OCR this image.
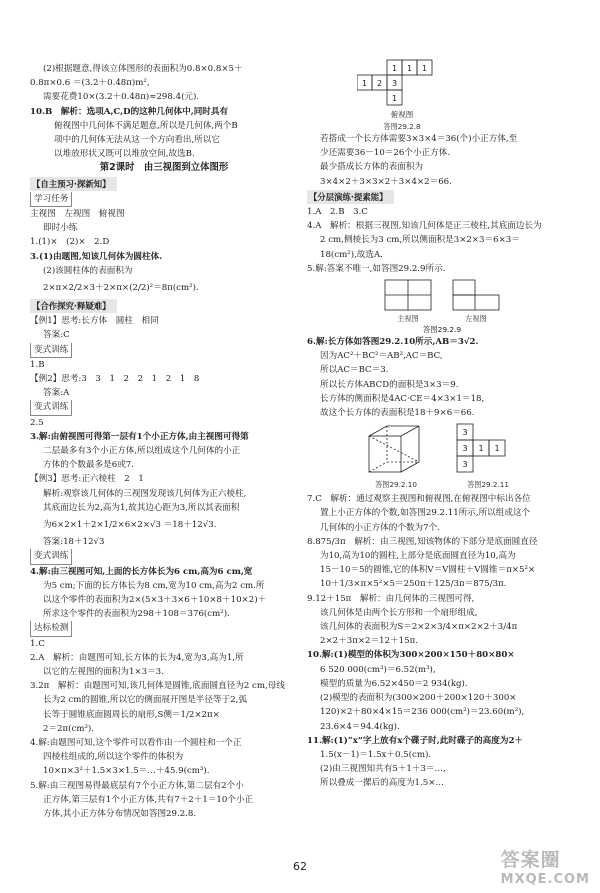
(2)根据题意,得该立体图形的表面积为0.8×0.8×5＋
0.8π×0.6 ＝(3.2＋0.48π)m²,
需要花费10×(3.2＋0.48π)≈298.4(元).
10.B　解析：选项A,C,D的这种几何体中,同时具有
俯视图中几何体不满足题意,所以是几何体,两个B
项中的几何体无法从这一个方向看出,所以它
以堆放形状又既可以堆放空间,故选B.
第2课时　由三视图到立体图形
【自主预习·探新知】
学习任务
主视图　左视图　俯视图
即时小练
1.(1)×　(2)×　2.D
3.(1)由题图,知该几何体为圆柱体.
(2)该圆柱体的表面积为
2×π×2/2×3＋2×π×(2/2)²＝8π(cm²).
【合作探究·释疑难】
【例1】思考:长方体　圆柱　相同
答案:C
变式训练
1.B
【例2】思考:3　3　1　2　2　1　2　1　8
答案:A
变式训练
2.5
3.解:由俯视图可得第一层有1个小正方体,由主视图可得第
二层最多有3个小正方体,所以组成这个几何体的小正
方体的个数最多是6或7.
【例3】思考:正六棱柱　2　1
解析:观察该几何体的三视图发现该几何体为正六棱柱,
其底面边长为2,高为1,故其边心距为3,所以其表面积
为6×2×1＋2×1/2×6×2×√3 ＝18＋12√3.
答案:18＋12√3
变式训练
4.解:由三视图可知,上面的长方体长为6 cm,高为6 cm,宽
为5 cm;下面的长方体长为8 cm,宽为10 cm,高为2 cm.所
以这个零件的表面积为2×(5×3＋3×6＋10×8＋10×2)＋
所求这个零件的表面积为298＋108＝376(cm²).
达标检测
1.C
2.A　解析：由题图可知,长方体的长为4,宽为3,高为1,所
以它的左视图的面积为1×3＝3.
3.2π　解析：由题图可知,该几何体是圆锥,底面圆直径为2 cm,母线
长为2 cm的圆锥,所以它的侧面展开图是半径等于2,弧
长等于圆锥底面圆周长的扇形,S侧＝1/2×2π×
2＝2π(cm²).
4.解:由题图可知,这个零件可以看作由一个圆柱和一个正
四棱柱组成的,所以这个零件的体积为
10×π×3²＋1.5×3×1.5＝…＋45.9(cm³).
5.解:由三视图易得最底层有7个小正方体,第二层有2个小
正方体,第三层有1个小正方体,共有7＋2＋1＝10个小正
方体,其小正方体分布情况如答图29.2.8.
1 1 1
1 2 3
1
俯视图
答图29.2.8
若搭成一个长方体需要3×3×4＝36(个)小正方体,至
少还需要36－10＝26个小正方体.
最少搭成长方体的表面积为
3×4×2＋3×3×2＋3×4×2＝66.
【分层演练·提素能】
1.A　2.B　3.C
4.A　解析：根据三视图,知该几何体是正三棱柱,其底面边长为
2 cm,侧棱长为3 cm,所以侧面积是3×2×3＝6×3＝
18(cm²),故选A.
5.解:答案不唯一,如答图29.2.9所示.
主视图	左视图
答图29.2.9
6.解:长方体如答图29.2.10所示,AB＝3√2.
因为AC²＋BC²＝AB²,AC＝BC,
所以AC＝BC＝3.
所以长方体ABCD的面积是3×3＝9.
长方体的侧面积是4AC·CE＝4×3×1＝18,
故这个长方体的表面积是18＋9×6＝66.
答图29.2.10
3
3 1 1
3
答图29.2.11
7.C　解析：通过观察主视图和俯视图,在俯视图中标出各位
置上小正方体的个数,如答图29.2.11所示,所以组成这个
几何体的小正方体的个数为7个.
8.875/3π　解析：由三视图,知该物体的下部分是底面圆直径
为10,高为10的圆柱,上部分是底面圆直径为10,高为
15－10＝5的圆锥,它的体积V＝V圆柱＋V圆锥＝π×5²×
10＋1/3×π×5²×5＝250π＋125/3π＝875/3π.
9.12＋15π　解析：由几何体的三视图可得,
该几何体是由两个长方形和一个扇形组成,
该几何体的表面积为S＝2×2×3/4×π×2×2＋3/4π
2×2＋3π×2＝12＋15π.
10.解:(1)模型的体积为300×200×150＋80×80×
6 520 000(cm³)＝6.52(m³),
模型的质量为6.52×450＝2 934(kg).
(2)模型的表面积为(300×200＋200×120＋300×
120)×2＋80×4×15＝236 000(cm²)＝23.60(m²),
23.6×4＝94.4(kg).
11.解:(1)“x”字上放有x个碟子时,此时碟子的高度为2＋
1.5(x－1)＝1.5x＋0.5(cm).
(2)由三视图知共有5＋1＋3＝…,
所以叠成一摞后的高度为1.5×…
62	答案圈
MXQE.COM
